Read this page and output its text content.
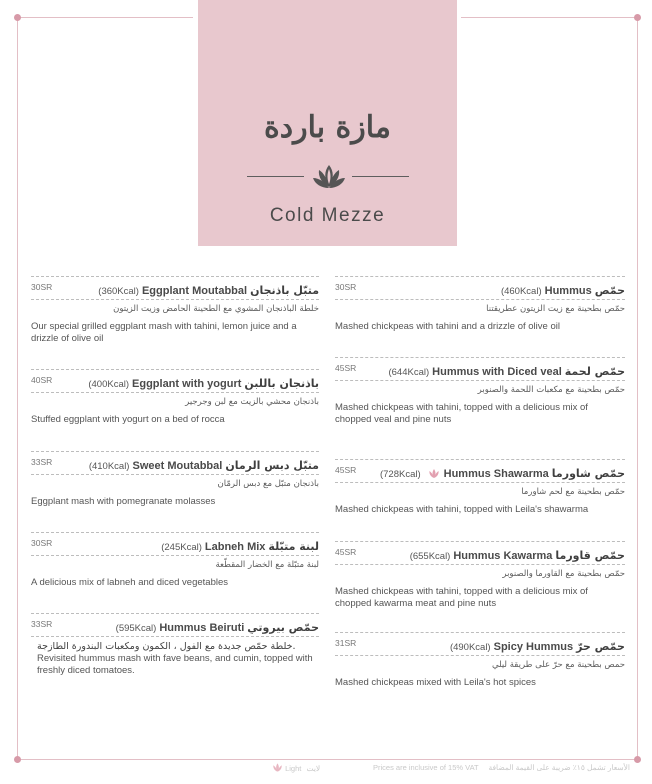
مازة باردة
Cold Mezze
30SR	(360Kcal) Eggplant Moutabbal متبّل باذنجان
خلطة الباذنجان المشوي مع الطحينة الحامض وزيت الزيتون
Our special grilled eggplant mash with tahini, lemon juice and a drizzle of olive oil
40SR	(400Kcal) Eggplant with yogurt باذنجان باللبن
باذنجان محشي بالزيت مع لبن وجرجير
Stuffed eggplant with yogurt on a bed of rocca
33SR	(410Kcal) Sweet Moutabbal متبّل دبس الرمان
باذنجان متبّل مع دبس الرمّان
Eggplant mash with pomegranate molasses
30SR	(245Kcal) Labneh Mix لبنة متبّلة
لبنة متبّلة مع الخضار المقطّعة
A delicious mix of labneh and diced vegetables
33SR	(595Kcal) Hummus Beiruti حمّص بيروتي
خلطة حمّص جديدة مع الفول ، الكمون ومكعبات البندورة الطازجة.
Revisited hummus mash with fave beans, and cumin, topped with freshly diced tomatoes.
30SR	(460Kcal) Hummus حمّص
حمّص بطحينة مع زيت الزيتون عطريقتنا
Mashed chickpeas with tahini and a drizzle of olive oil
45SR	(644Kcal) Hummus with Diced veal حمّص لحمة
حمّص بطحينة مع مكعبات اللحمة والصنوبر
Mashed chickpeas with tahini, topped with a delicious mix of chopped veal and pine nuts
45SR (728Kcal) Hummus Shawarma حمّص شاورما
حمّص بطحينة مع لحم شاورما
Mashed chickpeas with tahini, topped with Leila's shawarma
45SR	(655Kcal) Hummus Kawarma حمّص قاورما
حمّص بطحينة مع القاورما والصنوبر
Mashed chickpeas with tahini, topped with a delicious mix of chopped kawarma meat and pine nuts
31SR	(490Kcal) Spicy Hummus حمّص حرّ
حمص بطحينة مع حرّ على طريقة ليلي
Mashed chickpeas mixed with Leila's hot spices
Light لايت	Prices are inclusive of 15% VAT الأسعار تشمل ١٥٪ ضريبة على القيمة المضافة
